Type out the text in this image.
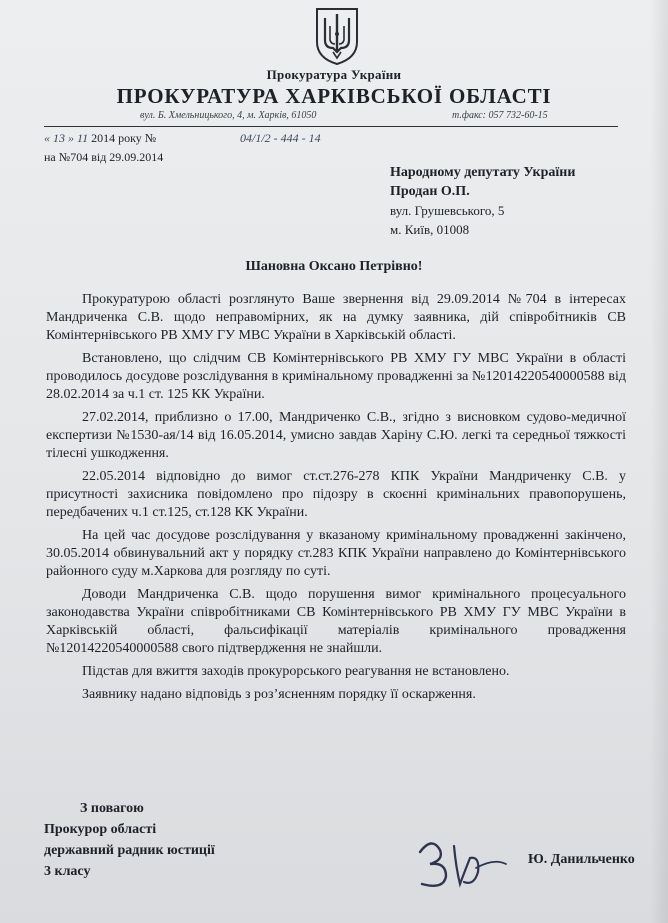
Прокуратура України
ПРОКУРАТУРА ХАРКІВСЬКОЇ ОБЛАСТІ
вул. Б. Хмельницького, 4, м. Харків, 61050	т.факс: 057 732-60-15
« 13 » 11 2014 року №	04/1/2 - 444 - 14
на №704 від 29.09.2014
Народному депутату України
Продан О.П.
вул. Грушевського, 5
м. Київ, 01008
Шановна Оксано Петрівно!

Прокуратурою області розглянуто Ваше звернення від 29.09.2014 №704 в інтересах Мандриченка С.В. щодо неправомірних, як на думку заявника, дій співробітників СВ Комінтернівського РВ ХМУ ГУ МВС України в Харківській області.

Встановлено, що слідчим СВ Комінтернівського РВ ХМУ ГУ МВС України в області проводилось досудове розслідування в кримінальному провадженні за №12014220540000588 від 28.02.2014 за ч.1 ст. 125 КК України.

27.02.2014, приблизно о 17.00, Мандриченко С.В., згідно з висновком судово-медичної експертизи №1530-ая/14 від 16.05.2014, умисно завдав Харіну С.Ю. легкі та середньої тяжкості тілесні ушкодження.

22.05.2014 відповідно до вимог ст.ст.276-278 КПК України Мандриченку С.В. у присутності захисника повідомлено про підозру в скоєнні кримінальних правопорушень, передбачених ч.1 ст.125, ст.128 КК України.

На цей час досудове розслідування у вказаному кримінальному провадженні закінчено, 30.05.2014 обвинувальний акт у порядку ст.283 КПК України направлено до Комінтернівського районного суду м.Харкова для розгляду по суті.

Доводи Мандриченка С.В. щодо порушення вимог кримінального процесуального законодавства України співробітниками СВ Комінтернівського РВ ХМУ ГУ МВС України в Харківській області, фальсифікації матеріалів кримінального провадження №12014220540000588 свого підтвердження не знайшли.

Підстав для вжиття заходів прокурорського реагування не встановлено.

Заявнику надано відповідь з роз’ясненням порядку її оскарження.

З повагою
Прокурор області
державний радник юстиції
3 класу
Ю. Данильченко
